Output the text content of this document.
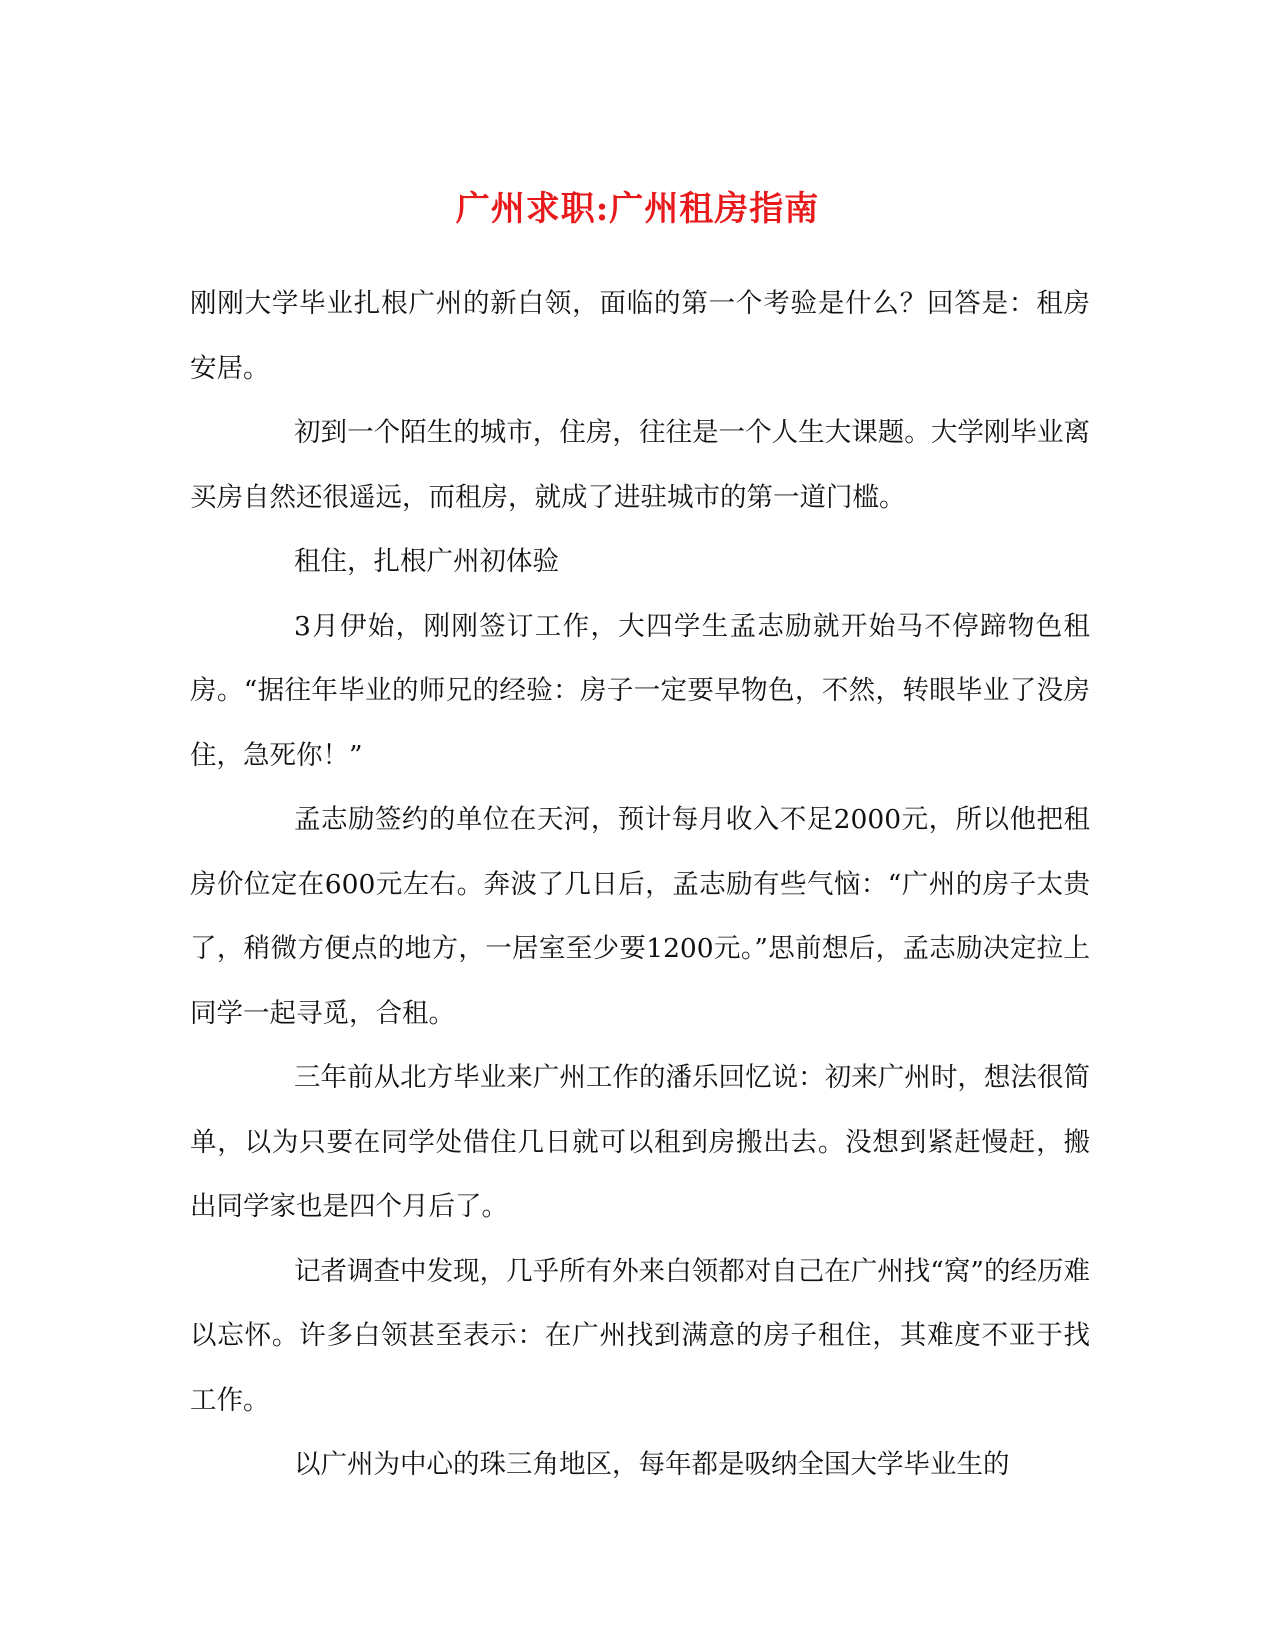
广州求职:广州租房指南

刚刚大学毕业扎根广州的新白领，面临的第一个考验是什么？回答是：租房安居。

初到一个陌生的城市，住房，往往是一个人生大课题。大学刚毕业离买房自然还很遥远，而租房，就成了进驻城市的第一道门槛。

租住，扎根广州初体验

3月伊始，刚刚签订工作，大四学生孟志励就开始马不停蹄物色租房。“据往年毕业的师兄的经验：房子一定要早物色，不然，转眼毕业了没房住，急死你！”

孟志励签约的单位在天河，预计每月收入不足2000元，所以他把租房价位定在600元左右。奔波了几日后，孟志励有些气恼：“广州的房子太贵了，稍微方便点的地方，一居室至少要1200元。”思前想后，孟志励决定拉上同学一起寻觅，合租。

三年前从北方毕业来广州工作的潘乐回忆说：初来广州时，想法很简单，以为只要在同学处借住几日就可以租到房搬出去。没想到紧赶慢赶，搬出同学家也是四个月后了。

记者调查中发现，几乎所有外来白领都对自己在广州找“窝”的经历难以忘怀。许多白领甚至表示：在广州找到满意的房子租住，其难度不亚于找工作。

以广州为中心的珠三角地区，每年都是吸纳全国大学毕业生的
